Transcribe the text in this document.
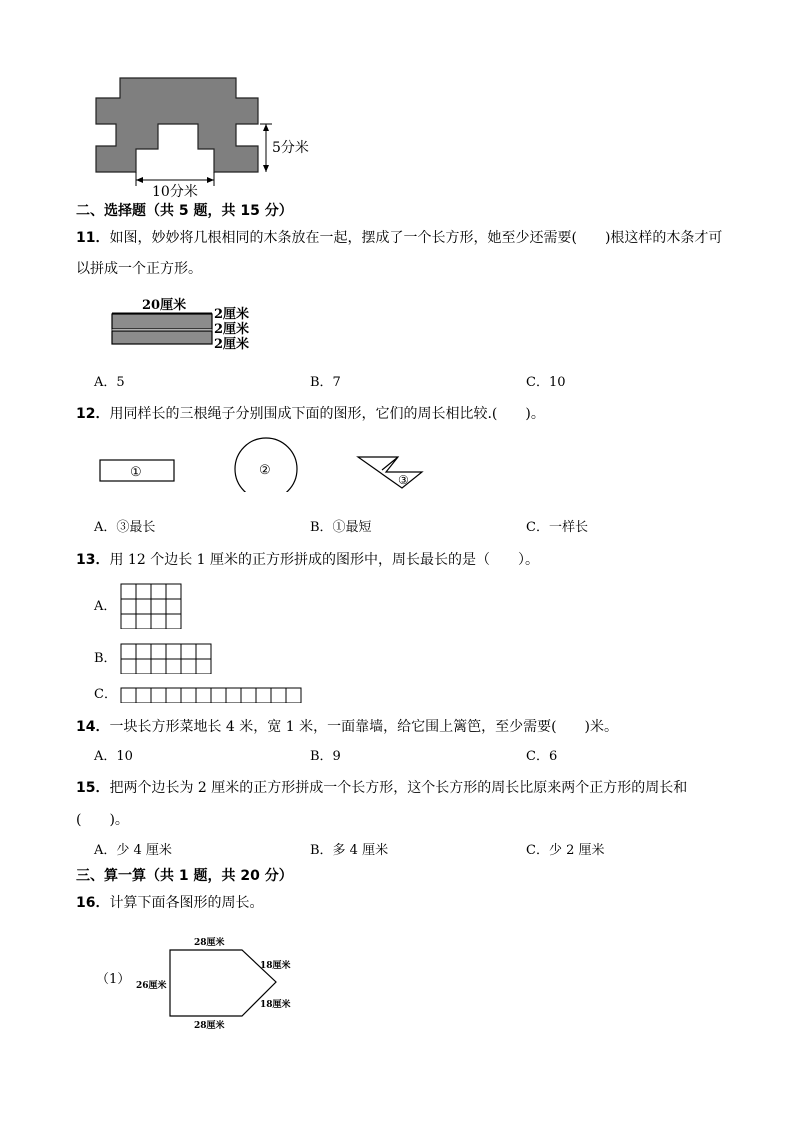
5分米
10分米
二、选择题（共 5 题，共 15 分）
11．如图，妙妙将几根相同的木条放在一起，摆成了一个长方形，她至少还需要(　　)根这样的木条才可
以拼成一个正方形。
20厘米
2厘米
2厘米
2厘米
A．5	B．7	C．10
12．用同样长的三根绳子分别围成下面的图形，它们的周长相比较.(　　)。
①	②
③
A．③最长	B．①最短	C．一样长
13．用 12 个边长 1 厘米的正方形拼成的图形中，周长最长的是（　　）。
A．
B．
C．
14．一块长方形菜地长 4 米，宽 1 米，一面靠墙，给它围上篱笆，至少需要(　　)米。
A．10	B．9	C．6
15．把两个边长为 2 厘米的正方形拼成一个长方形，这个长方形的周长比原来两个正方形的周长和
(　　)。
A．少 4 厘米	B．多 4 厘米	C．少 2 厘米
三、算一算（共 1 题，共 20 分）
16．计算下面各图形的周长。
（1）
28厘米
26厘米
18厘米
18厘米
28厘米
